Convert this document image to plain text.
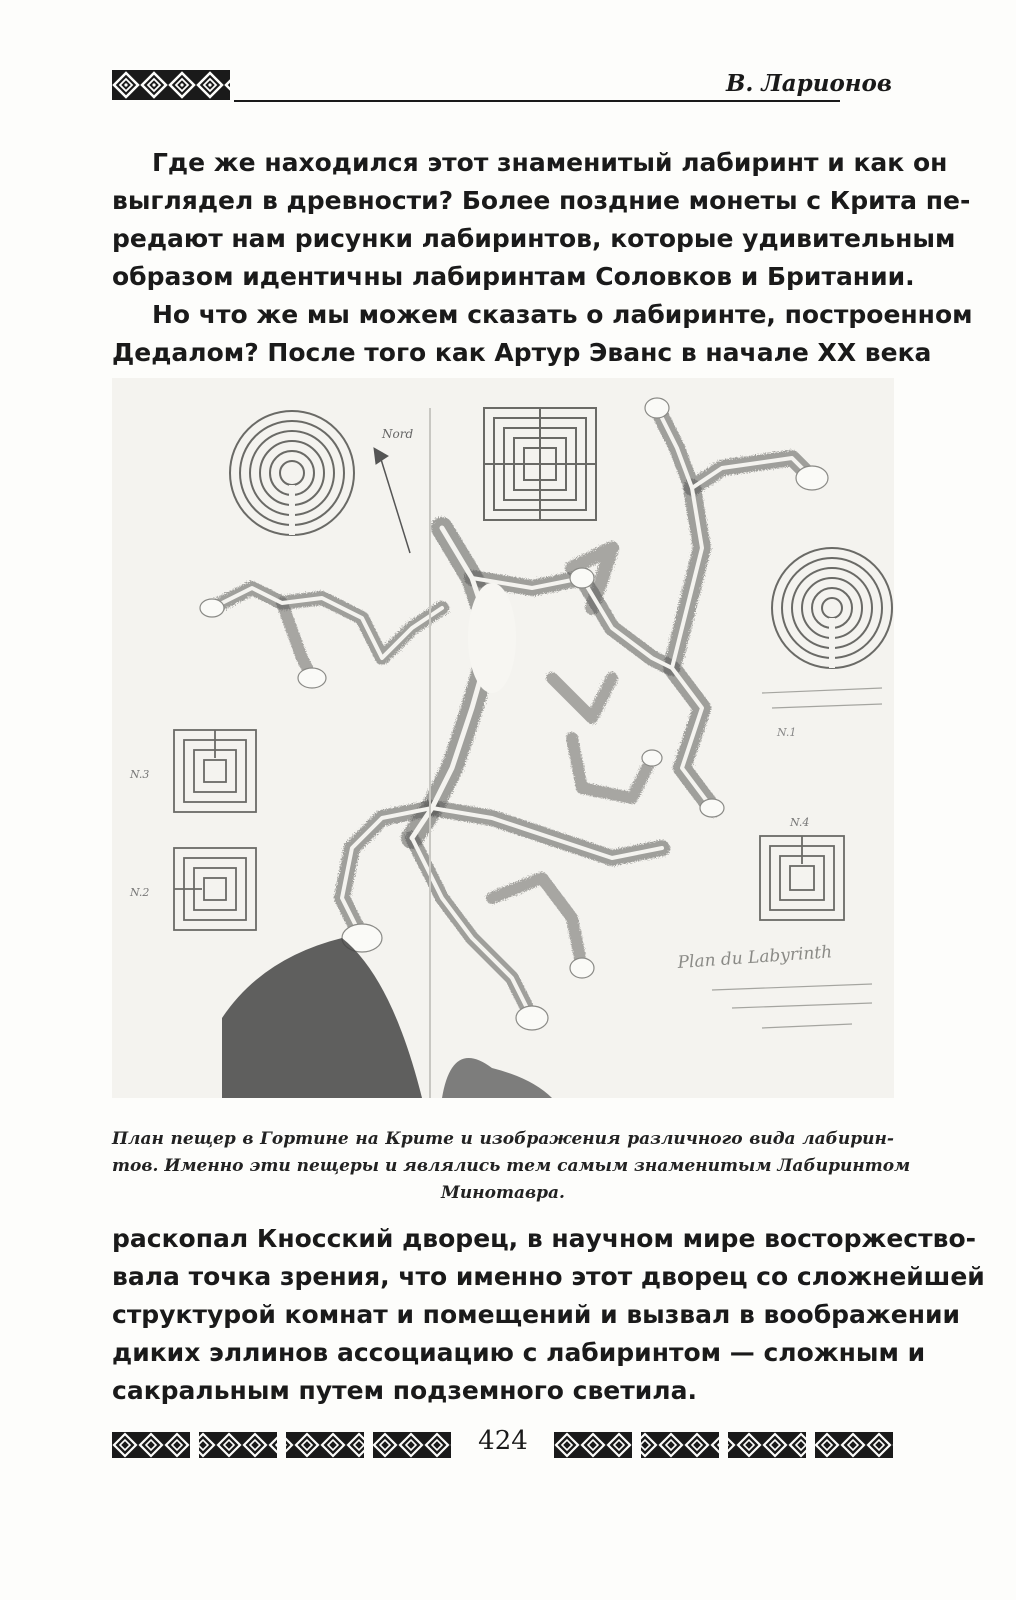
В. Ларионов
Где же находился этот знаменитый лабиринт и как он
выглядел в древности? Более поздние монеты с Крита пе-
редают нам рисунки лабиринтов, которые удивительным
образом идентичны лабиринтам Соловков и Британии.
Но что же мы можем сказать о лабиринте, построенном
Дедалом? После того как Артур Эванс в начале XX века
Nord
N.3
N.2
N.4
N.1
Plan du Labyrinth
План пещер в Гортине на Крите и изображения различного вида лабирин-
тов. Именно эти пещеры и являлись тем самым знаменитым Лабиринтом
Минотавра.
раскопал Кносский дворец, в научном мире восторжество-
вала точка зрения, что именно этот дворец со сложнейшей
структурой комнат и помещений и вызвал в воображении
диких эллинов ассоциацию с лабиринтом — сложным и
сакральным путем подземного светила.
424
